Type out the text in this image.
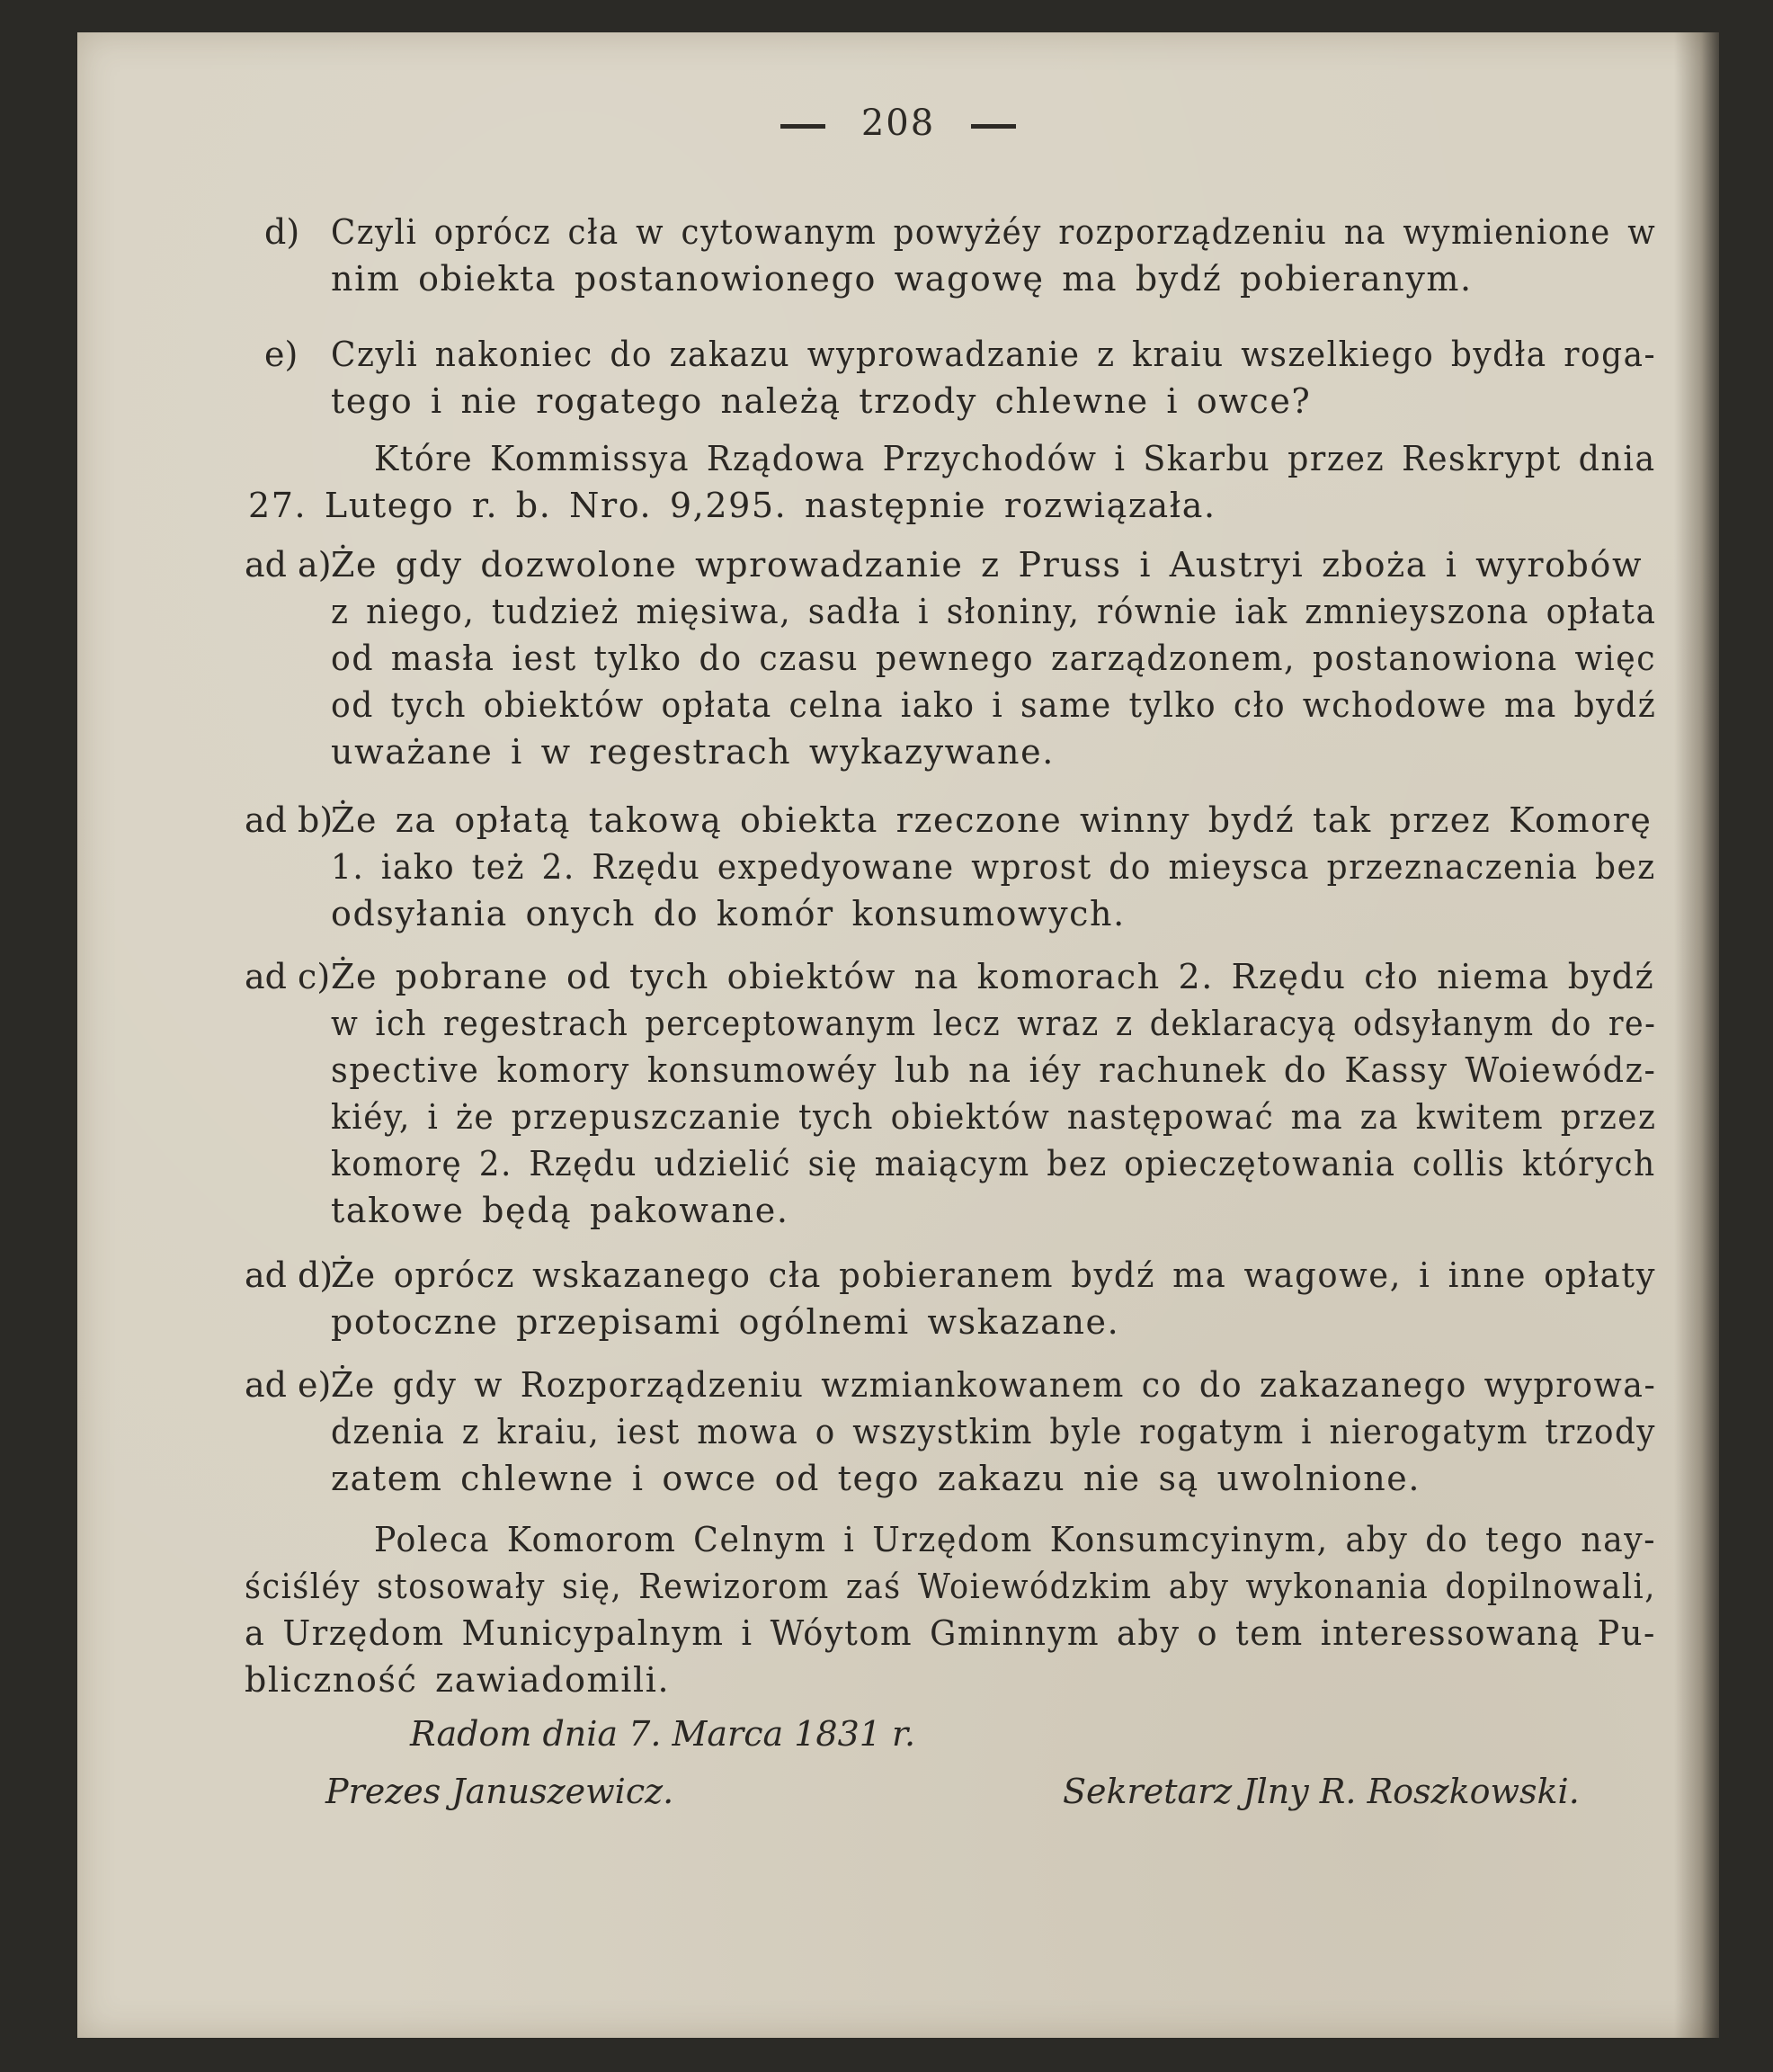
208
d) Czyli oprócz cła w cytowanym powyżéy rozporządzeniu na wymienione w
nim obiekta postanowionego wagowę ma bydź pobieranym.
e) Czyli nakoniec do zakazu wyprowadzanie z kraiu wszelkiego bydła roga-
tego i nie rogatego należą trzody chlewne i owce?
Które Kommissya Rządowa Przychodów i Skarbu przez Reskrypt dnia
27. Lutego r. b. Nro. 9,295. następnie rozwiązała.
ad a) Że gdy dozwolone wprowadzanie z Pruss i Austryi zboża i wyrobów
z niego, tudzież mięsiwa, sadła i słoniny, równie iak zmnieyszona opłata
od masła iest tylko do czasu pewnego zarządzonem, postanowiona więc
od tych obiektów opłata celna iako i same tylko cło wchodowe ma bydź
uważane i w regestrach wykazywane.
ad b)
Że za opłatą takową obiekta rzeczone winny bydź tak przez Komorę
1. iako też 2. Rzędu expedyowane wprost do mieysca przeznaczenia bez
odsyłania onych do komór konsumowych.
ad c) Że pobrane od tych obiektów na komorach 2. Rzędu cło niema bydź
w ich regestrach perceptowanym lecz wraz z deklaracyą odsyłanym do re-
spective komory konsumowéy lub na iéy rachunek do Kassy Woiewódz-
kiéy, i że przepuszczanie tych obiektów następować ma za kwitem przez
komorę 2. Rzędu udzielić się maiącym bez opieczętowania collis których
takowe będą pakowane.
ad d)
Że oprócz wskazanego cła pobieranem bydź ma wagowe, i inne opłaty
potoczne przepisami ogólnemi wskazane.
ad e) Że gdy w Rozporządzeniu wzmiankowanem co do zakazanego wyprowa-
dzenia z kraiu, iest mowa o wszystkim byle rogatym i nierogatym trzody
zatem chlewne i owce od tego zakazu nie są uwolnione.
Poleca Komorom Celnym i Urzędom Konsumcyinym, aby do tego nay-
ściśléy stosowały się, Rewizorom zaś Woiewódzkim aby wykonania dopilnowali,
a Urzędom Municypalnym i Wóytom Gminnym aby o tem interessowaną Pu-
bliczność zawiadomili.
Radom dnia 7. Marca 1831 r.
Prezes Januszewicz.	Sekretarz Jlny R. Roszkowski.
